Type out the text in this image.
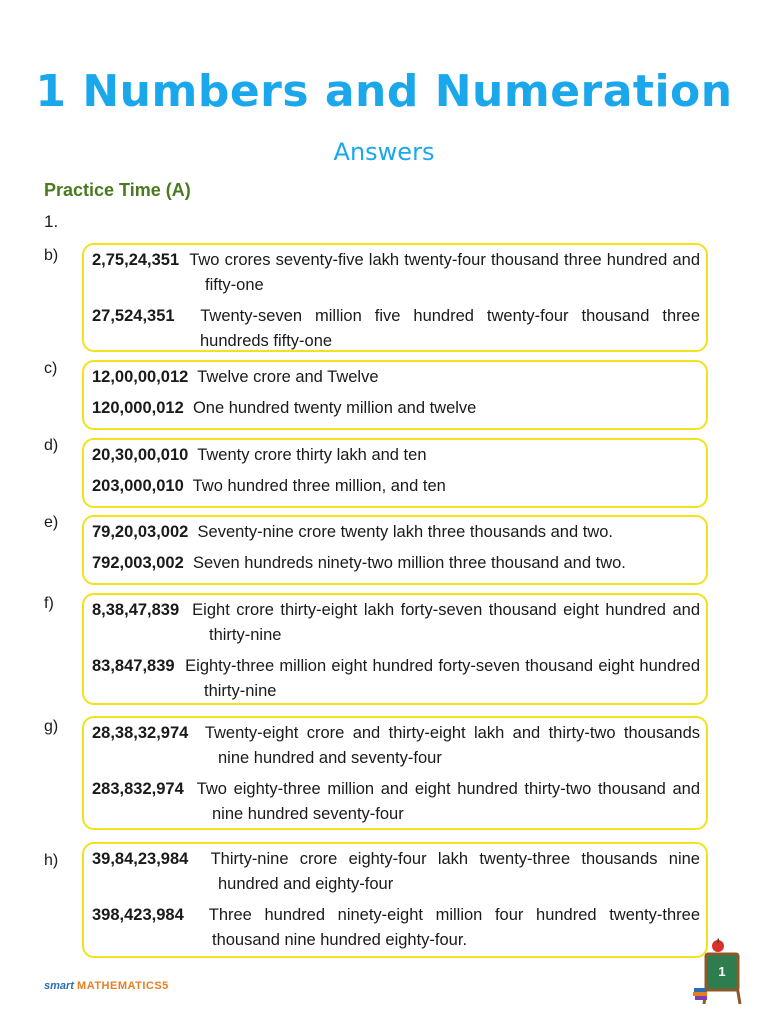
1 Numbers and Numeration
Answers
Practice Time (A)
1.
b) 2,75,24,351 Two crores seventy-five lakh twenty-four thousand three hundred and fifty-one
27,524,351 Twenty-seven million five hundred twenty-four thousand three hundreds fifty-one
c) 12,00,00,012 Twelve crore and Twelve
120,000,012 One hundred twenty million and twelve
d)
20,30,00,010 Twenty crore thirty lakh and ten
203,000,010 Two hundred three million, and ten
e)
79,20,03,002 Seventy-nine crore twenty lakh three thousands and two.
792,003,002 Seven hundreds ninety-two million three thousand and two.
f) 8,38,47,839 Eight crore thirty-eight lakh forty-seven thousand eight hundred and thirty-nine
83,847,839 Eighty-three million eight hundred forty-seven thousand eight hundred thirty-nine
g) 28,38,32,974 Twenty-eight crore and thirty-eight lakh and thirty-two thousands nine hundred and seventy-four
283,832,974 Two eighty-three million and eight hundred thirty-two thousand and nine hundred seventy-four
h) 39,84,23,984 Thirty-nine crore eighty-four lakh twenty-three thousands nine hundred and eighty-four
398,423,984 Three hundred ninety-eight million four hundred twenty-three thousand nine hundred eighty-four.
smart MATHEMATICS5
1
